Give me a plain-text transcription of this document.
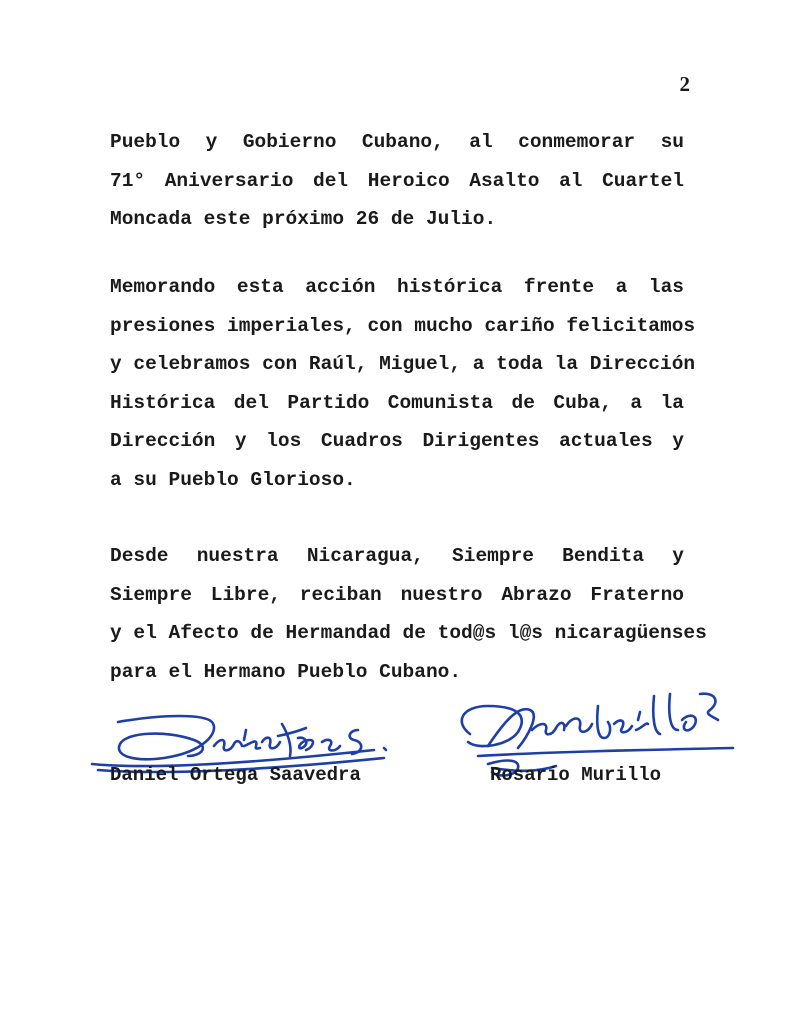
2
Pueblo y Gobierno Cubano, al conmemorar su
71° Aniversario del Heroico Asalto al Cuartel
Moncada este próximo 26 de Julio.
Memorando esta acción histórica frente a las
presiones imperiales, con mucho cariño felicitamos
y celebramos con Raúl, Miguel, a toda la Dirección
Histórica del Partido Comunista de Cuba, a la
Dirección y los Cuadros Dirigentes actuales y
a su Pueblo Glorioso.
Desde nuestra Nicaragua, Siempre Bendita y
Siempre Libre, reciban nuestro Abrazo Fraterno
y el Afecto de Hermandad de tod@s l@s nicaragüenses
para el Hermano Pueblo Cubano.
Daniel Ortega Saavedra	Rosario Murillo
